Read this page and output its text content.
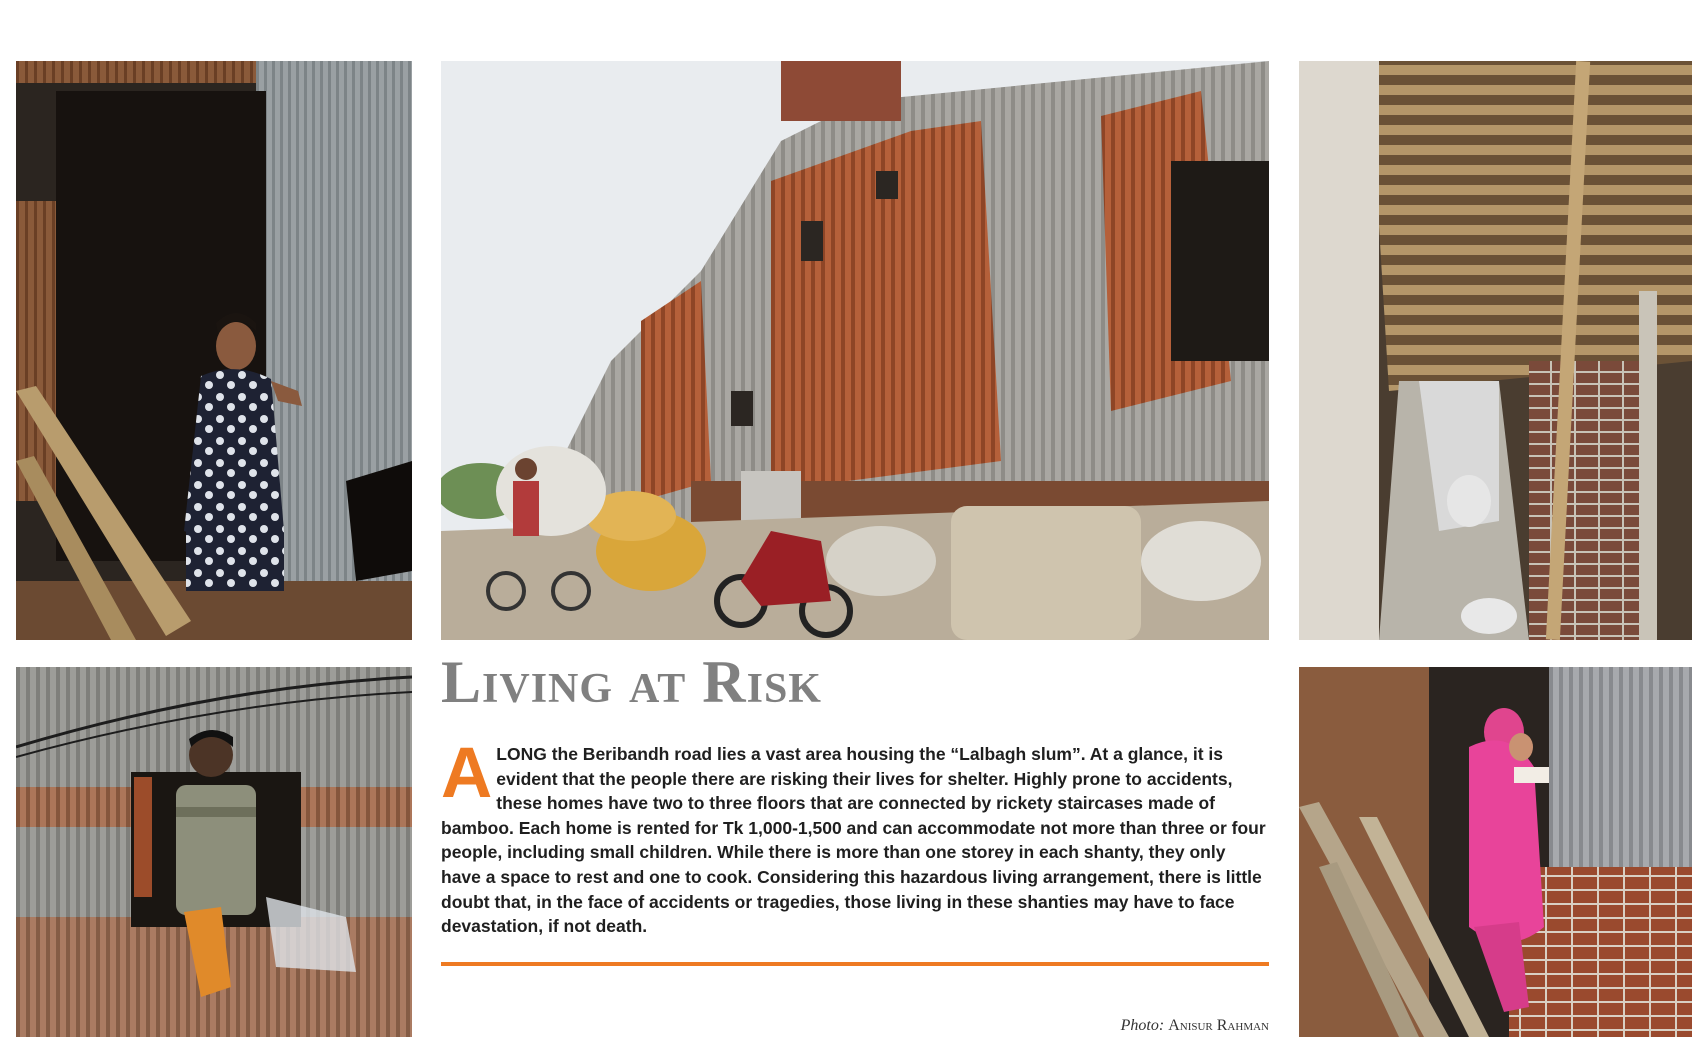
Living at Risk

ALONG the Beribandh road lies a vast area housing the “Lalbagh slum”. At a glance, it is evident that the people there are risking their lives for shelter. Highly prone to accidents, these homes have two to three floors that are connected by rickety staircases made of bamboo. Each home is rented for Tk 1,000-1,500 and can accommodate not more than three or four people, including small children. While there is more than one storey in each shanty, they only have a space to rest and one to cook. Considering this hazardous living arrangement, there is little doubt that, in the face of accidents or tragedies, those living in these shanties may have to face devastation, if not death.

Photo: Anisur Rahman
